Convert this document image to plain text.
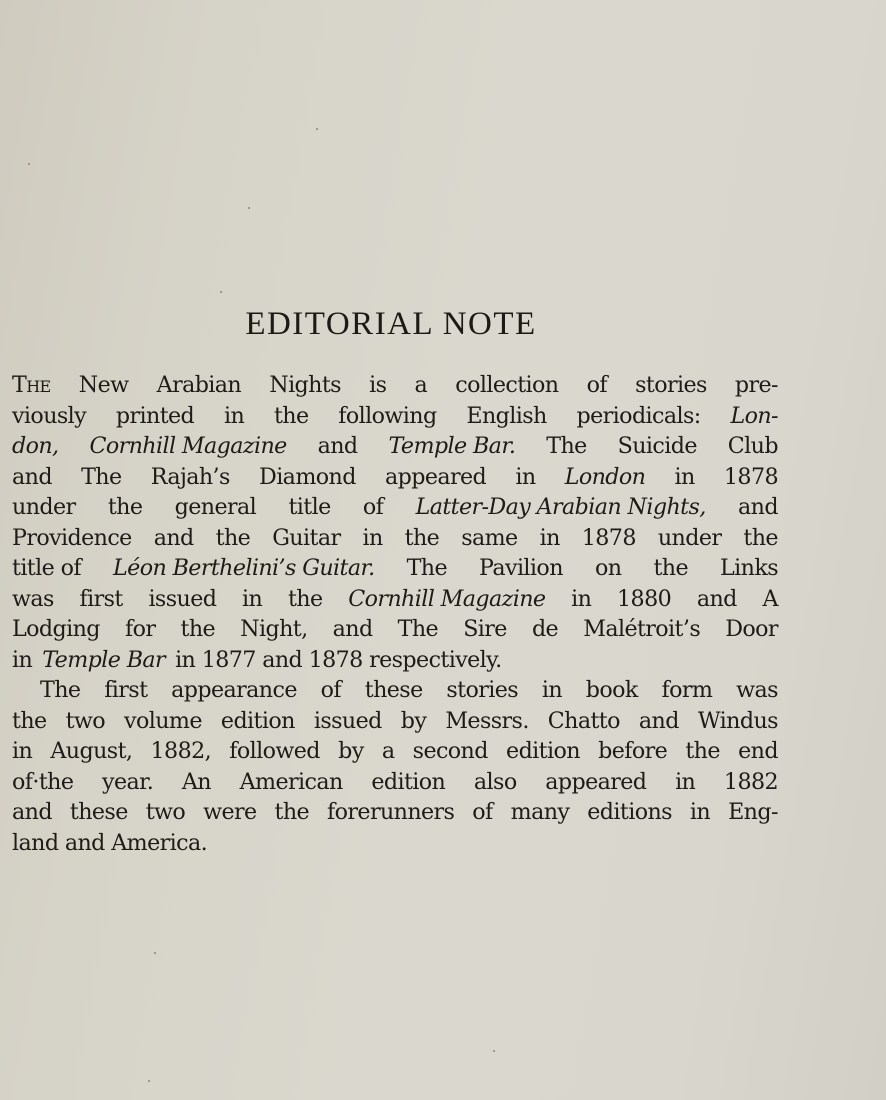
EDITORIAL NOTE
The New Arabian Nights is a collection of stories pre-
viously printed in the following English periodicals: Lon-
don, Cornhill Magazine and Temple Bar. The Suicide Club
and The Rajah’s Diamond appeared in London in 1878
under the general title of Latter-Day Arabian Nights, and
Providence and the Guitar in the same in 1878 under the
title of Léon Berthelini’s Guitar. The Pavilion on the Links
was first issued in the Cornhill Magazine in 1880 and A
Lodging for the Night, and The Sire de Malétroit’s Door
in Temple Bar in 1877 and 1878 respectively.
The first appearance of these stories in book form was
the two volume edition issued by Messrs. Chatto and Windus
in August, 1882, followed by a second edition before the end
of·the year. An American edition also appeared in 1882
and these two were the forerunners of many editions in Eng-
land and America.
